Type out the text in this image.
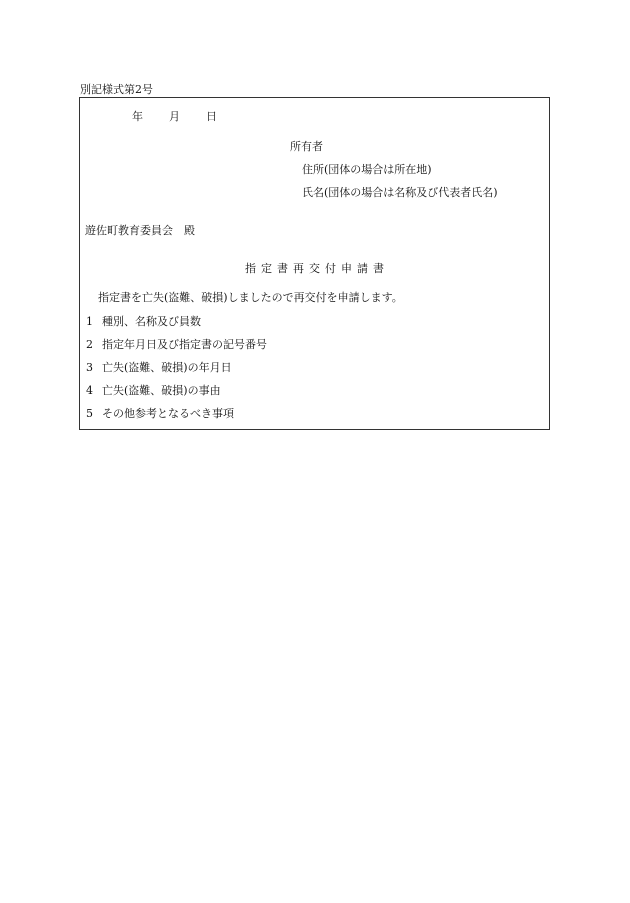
別記様式第2号
年 月 日
所有者
住所(団体の場合は所在地)
氏名(団体の場合は名称及び代表者氏名)
遊佐町教育委員会　殿
指定書再交付申請書
指定書を亡失(盗難、破損)しましたので再交付を申請します。
1 種別、名称及び員数
2 指定年月日及び指定書の記号番号
3 亡失(盗難、破損)の年月日
4 亡失(盗難、破損)の事由
5 その他参考となるべき事項
